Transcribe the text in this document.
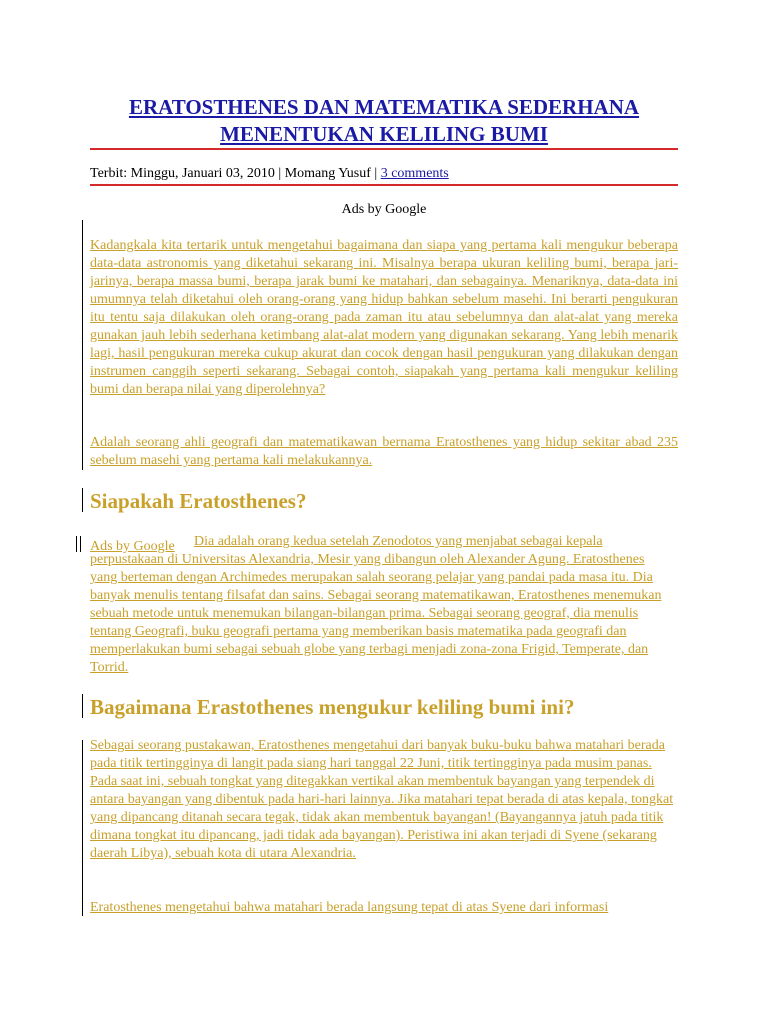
ERATOSTHENES DAN MATEMATIKA SEDERHANA
MENENTUKAN KELILING BUMI
Terbit: Minggu, Januari 03, 2010 | Momang Yusuf | 3 comments
Ads by Google

Kadangkala kita tertarik untuk mengetahui bagaimana dan siapa yang pertama kali mengukur beberapa data-data astronomis yang diketahui sekarang ini. Misalnya berapa ukuran keliling bumi, berapa jari-jarinya, berapa massa bumi, berapa jarak bumi ke matahari, dan sebagainya. Menariknya, data-data ini umumnya telah diketahui oleh orang-orang yang hidup bahkan sebelum masehi. Ini berarti pengukuran itu tentu saja dilakukan oleh orang-orang pada zaman itu atau sebelumnya dan alat-alat yang mereka gunakan jauh lebih sederhana ketimbang alat-alat modern yang digunakan sekarang. Yang lebih menarik lagi, hasil pengukuran mereka cukup akurat dan cocok dengan hasil pengukuran yang dilakukan dengan instrumen canggih seperti sekarang. Sebagai contoh, siapakah yang pertama kali mengukur keliling bumi dan berapa nilai yang diperolehnya?

Adalah seorang ahli geografi dan matematikawan bernama Eratosthenes yang hidup sekitar abad 235 sebelum masehi yang pertama kali melakukannya.

Siapakah Eratosthenes?
Ads by Google	Dia adalah orang kedua setelah Zenodotos yang menjabat sebagai kepala perpustakaan di Universitas Alexandria, Mesir yang dibangun oleh Alexander Agung. Eratosthenes yang berteman dengan Archimedes merupakan salah seorang pelajar yang pandai pada masa itu. Dia banyak menulis tentang filsafat dan sains. Sebagai seorang matematikawan, Eratosthenes menemukan sebuah metode untuk menemukan bilangan-bilangan prima. Sebagai seorang geograf, dia menulis tentang Geografi, buku geografi pertama yang memberikan basis matematika pada geografi dan memperlakukan bumi sebagai sebuah globe yang terbagi menjadi zona-zona Frigid, Temperate, dan Torrid.

Bagaimana Erastothenes mengukur keliling bumi ini?

Sebagai seorang pustakawan, Eratosthenes mengetahui dari banyak buku-buku bahwa matahari berada pada titik tertingginya di langit pada siang hari tanggal 22 Juni, titik tertingginya pada musim panas. Pada saat ini, sebuah tongkat yang ditegakkan vertikal akan membentuk bayangan yang terpendek di antara bayangan yang dibentuk pada hari-hari lainnya. Jika matahari tepat berada di atas kepala, tongkat yang dipancang ditanah secara tegak, tidak akan membentuk bayangan! (Bayangannya jatuh pada titik dimana tongkat itu dipancang, jadi tidak ada bayangan). Peristiwa ini akan terjadi di Syene (sekarang daerah Libya), sebuah kota di utara Alexandria.

Eratosthenes mengetahui bahwa matahari berada langsung tepat di atas Syene dari informasi
